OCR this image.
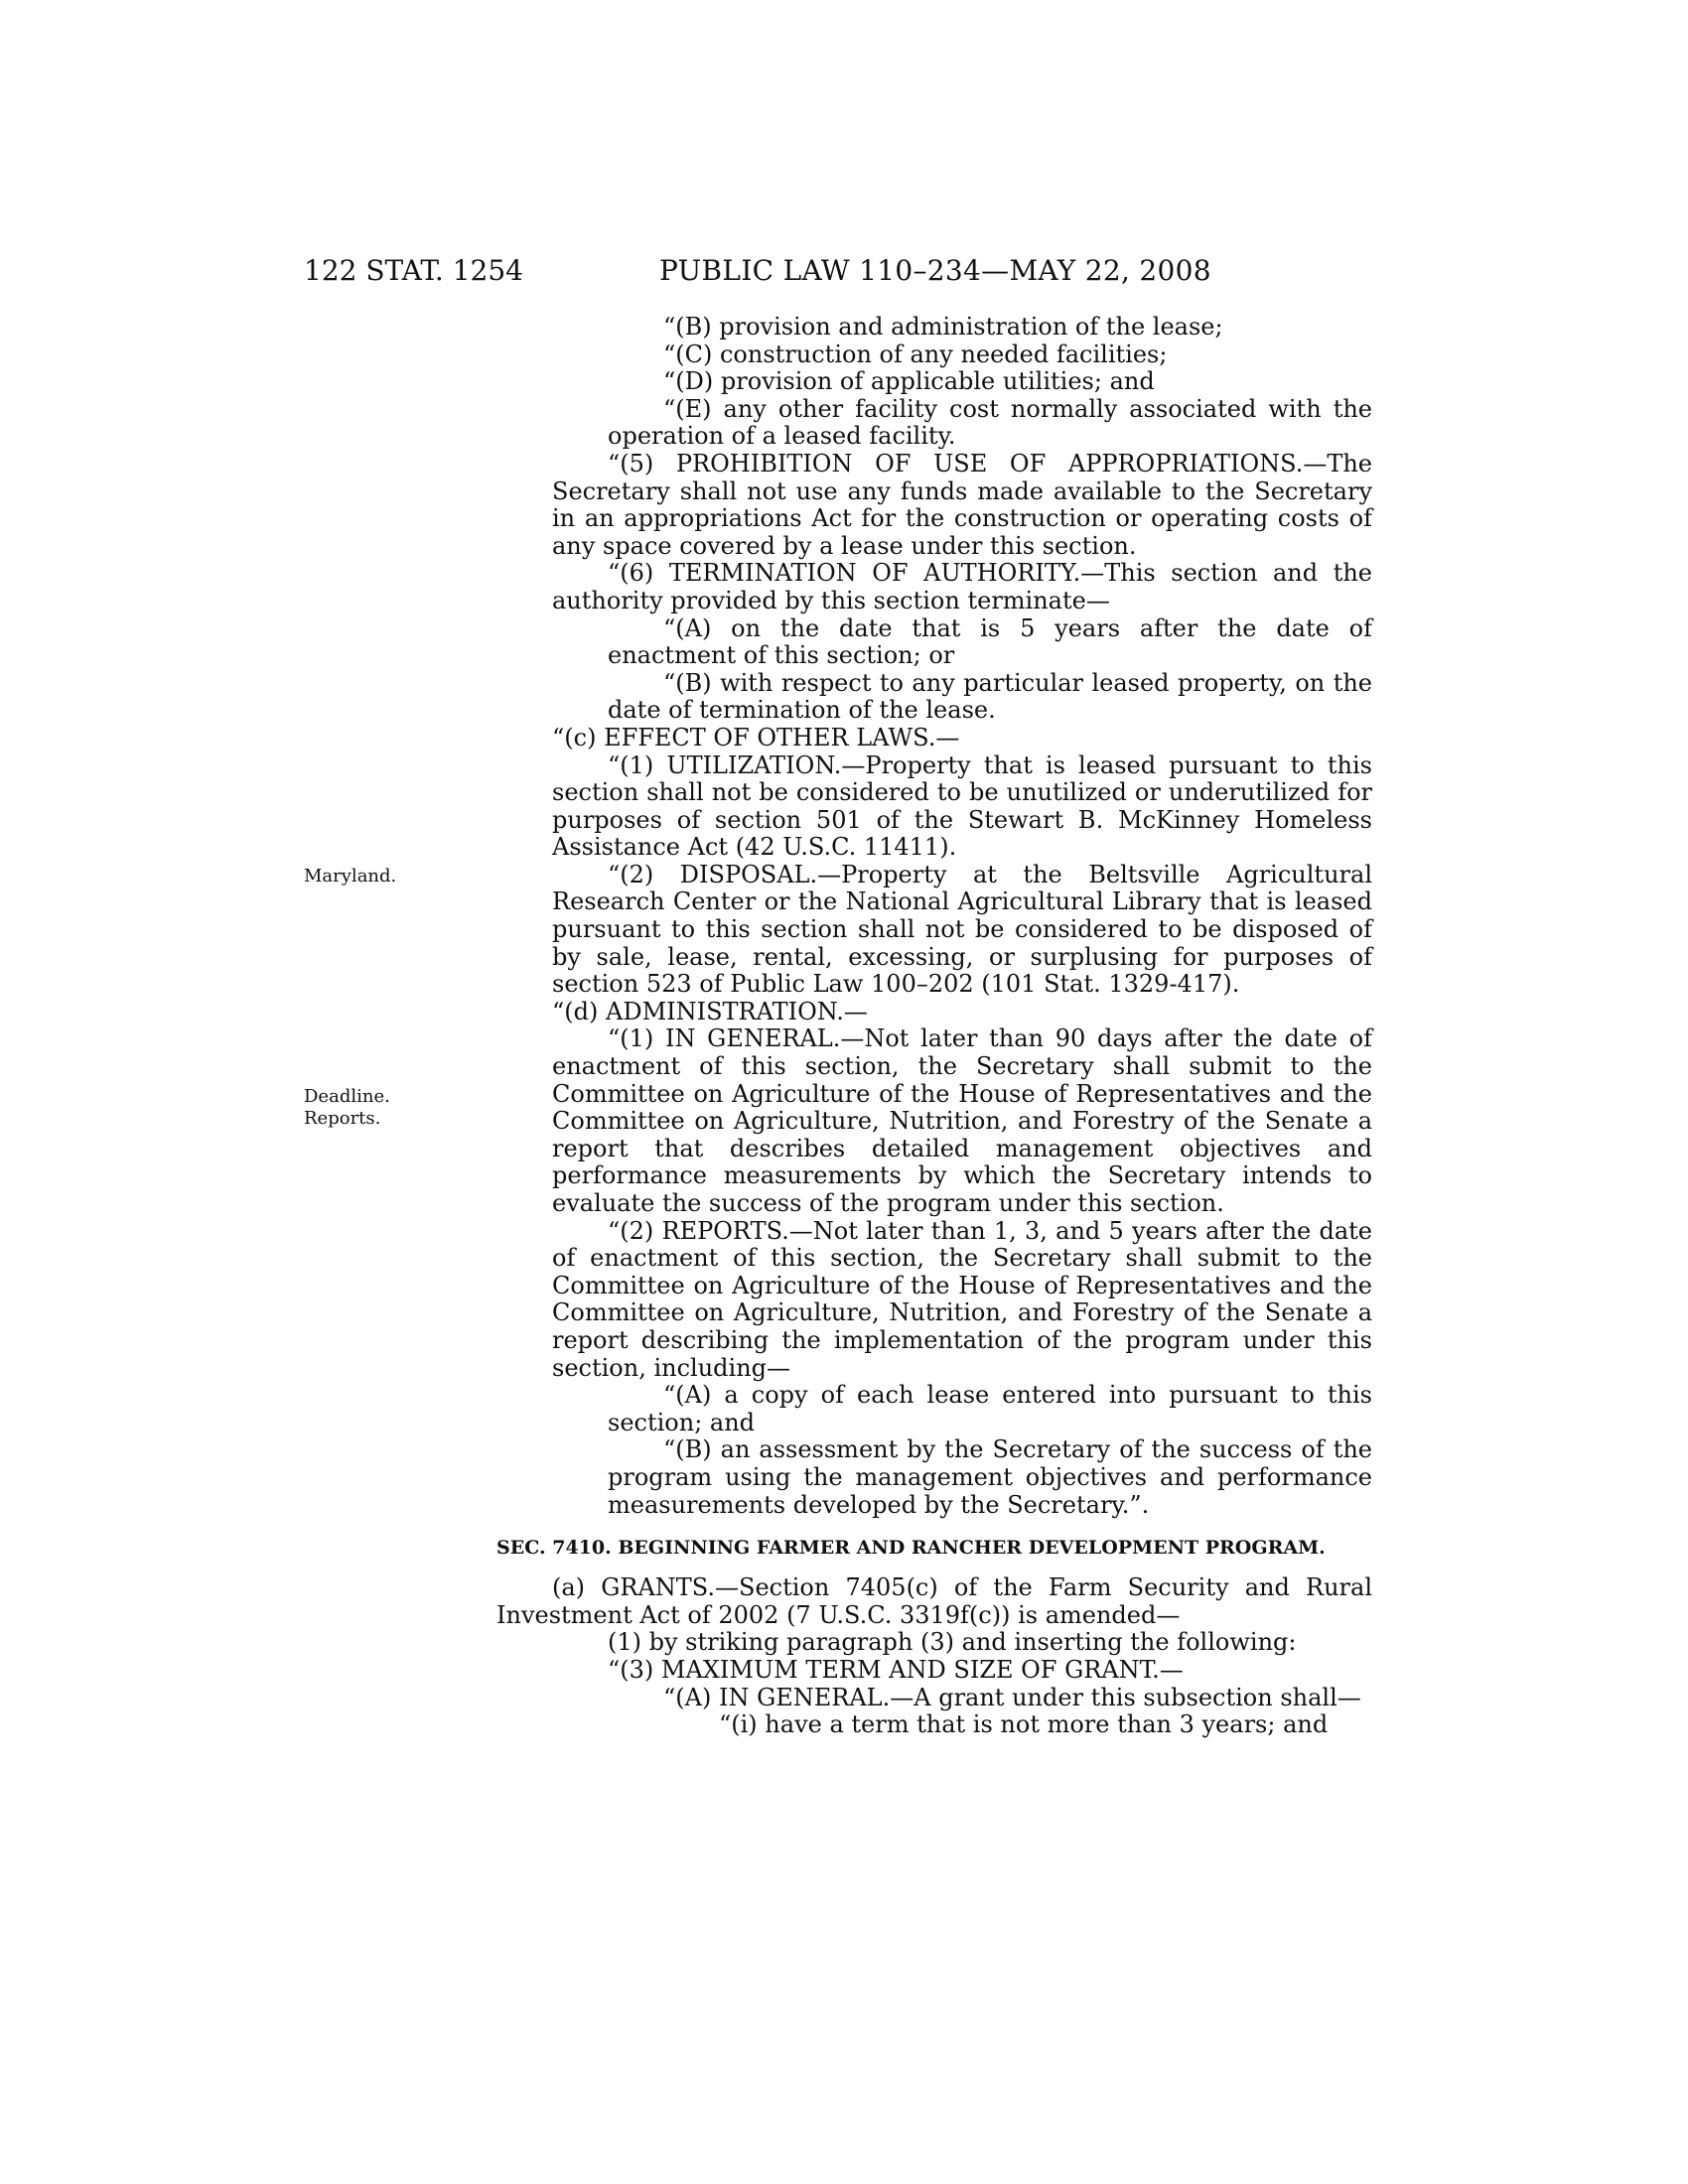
122 STAT. 1254	PUBLIC LAW 110–234—MAY 22, 2008
Maryland.
Deadline.
Reports.

“(B) provision and administration of the lease;

“(C) construction of any needed facilities;

“(D) provision of applicable utilities; and

“(E) any other facility cost normally associated with the operation of a leased facility.

“(5) PROHIBITION OF USE OF APPROPRIATIONS.—The Secretary shall not use any funds made available to the Secretary in an appropriations Act for the construction or operating costs of any space covered by a lease under this section.

“(6) TERMINATION OF AUTHORITY.—This section and the authority provided by this section terminate—

“(A) on the date that is 5 years after the date of enactment of this section; or

“(B) with respect to any particular leased property, on the date of termination of the lease.

“(c) EFFECT OF OTHER LAWS.—

“(1) UTILIZATION.—Property that is leased pursuant to this section shall not be considered to be unutilized or underutilized for purposes of section 501 of the Stewart B. McKinney Homeless Assistance Act (42 U.S.C. 11411).

“(2) DISPOSAL.—Property at the Beltsville Agricultural Research Center or the National Agricultural Library that is leased pursuant to this section shall not be considered to be disposed of by sale, lease, rental, excessing, or surplusing for purposes of section 523 of Public Law 100–202 (101 Stat. 1329-417).

“(d) ADMINISTRATION.—

“(1) IN GENERAL.—Not later than 90 days after the date of enactment of this section, the Secretary shall submit to the Committee on Agriculture of the House of Representatives and the Committee on Agriculture, Nutrition, and Forestry of the Senate a report that describes detailed management objectives and performance measurements by which the Secretary intends to evaluate the success of the program under this section.

“(2) REPORTS.—Not later than 1, 3, and 5 years after the date of enactment of this section, the Secretary shall submit to the Committee on Agriculture of the House of Representatives and the Committee on Agriculture, Nutrition, and Forestry of the Senate a report describing the implementation of the program under this section, including—

“(A) a copy of each lease entered into pursuant to this section; and

“(B) an assessment by the Secretary of the success of the program using the management objectives and performance measurements developed by the Secretary.”.

SEC. 7410. BEGINNING FARMER AND RANCHER DEVELOPMENT PROGRAM.

(a) GRANTS.—Section 7405(c) of the Farm Security and Rural Investment Act of 2002 (7 U.S.C. 3319f(c)) is amended—

(1) by striking paragraph (3) and inserting the following:

“(3) MAXIMUM TERM AND SIZE OF GRANT.—

“(A) IN GENERAL.—A grant under this subsection shall—

“(i) have a term that is not more than 3 years; and
